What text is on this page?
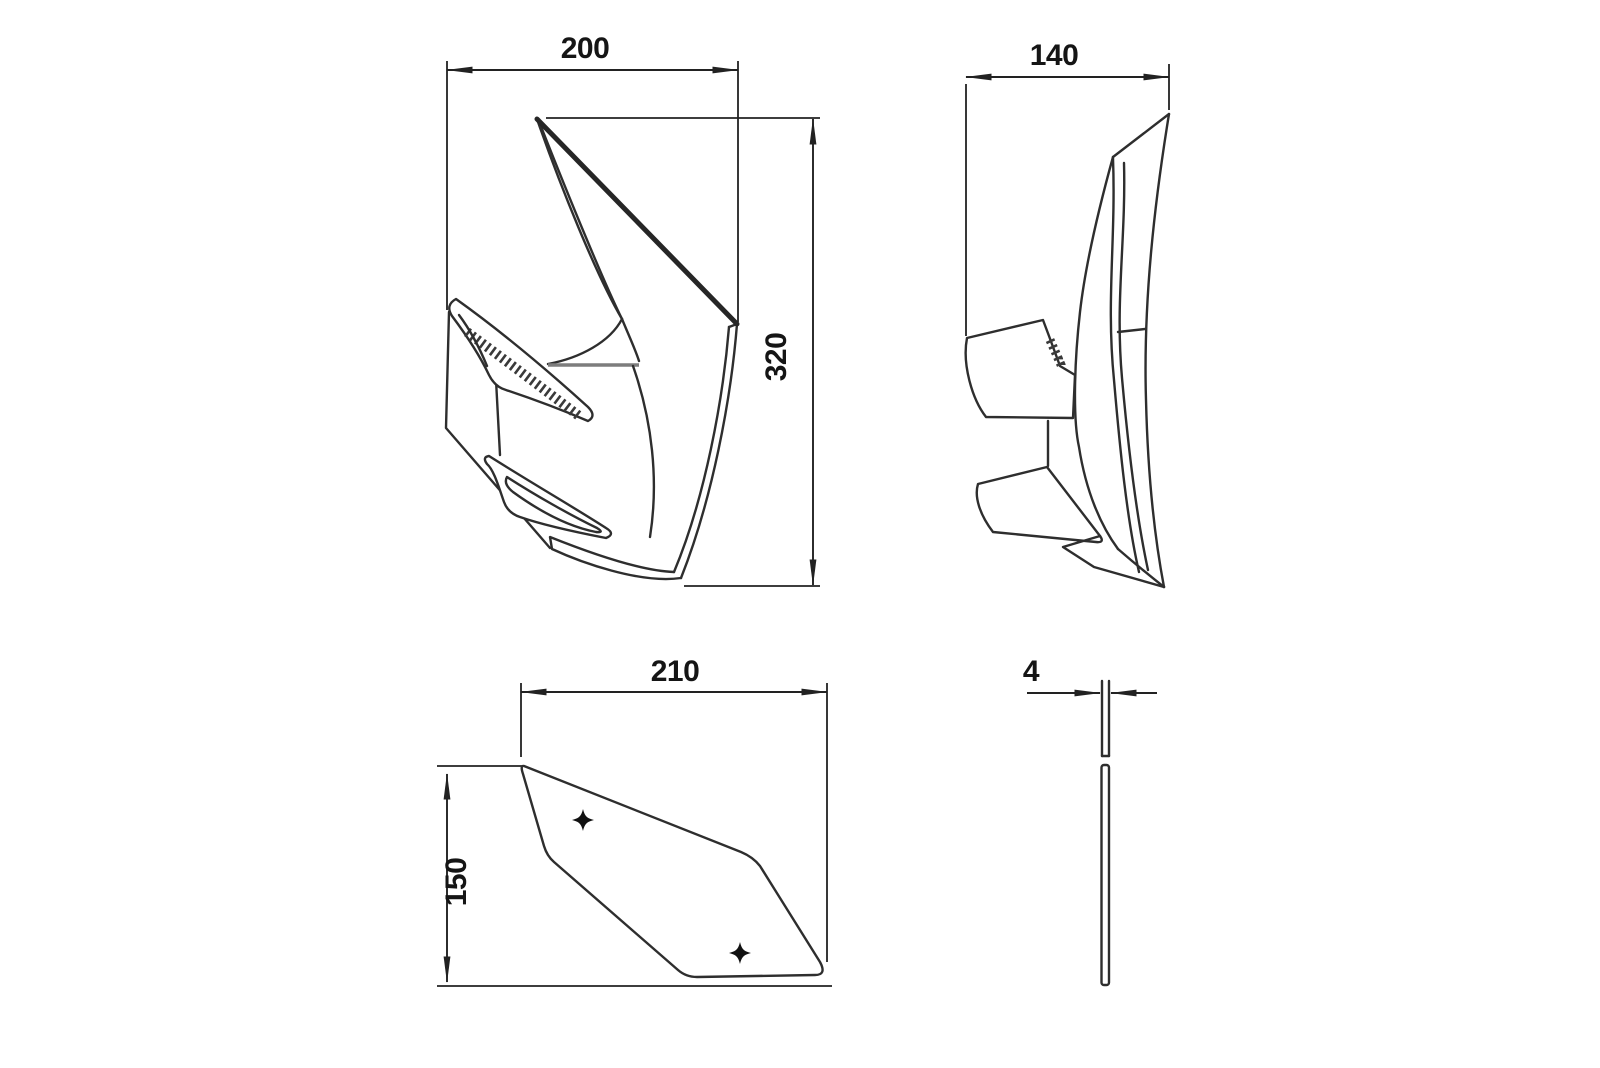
200
320
140
210
150
4
